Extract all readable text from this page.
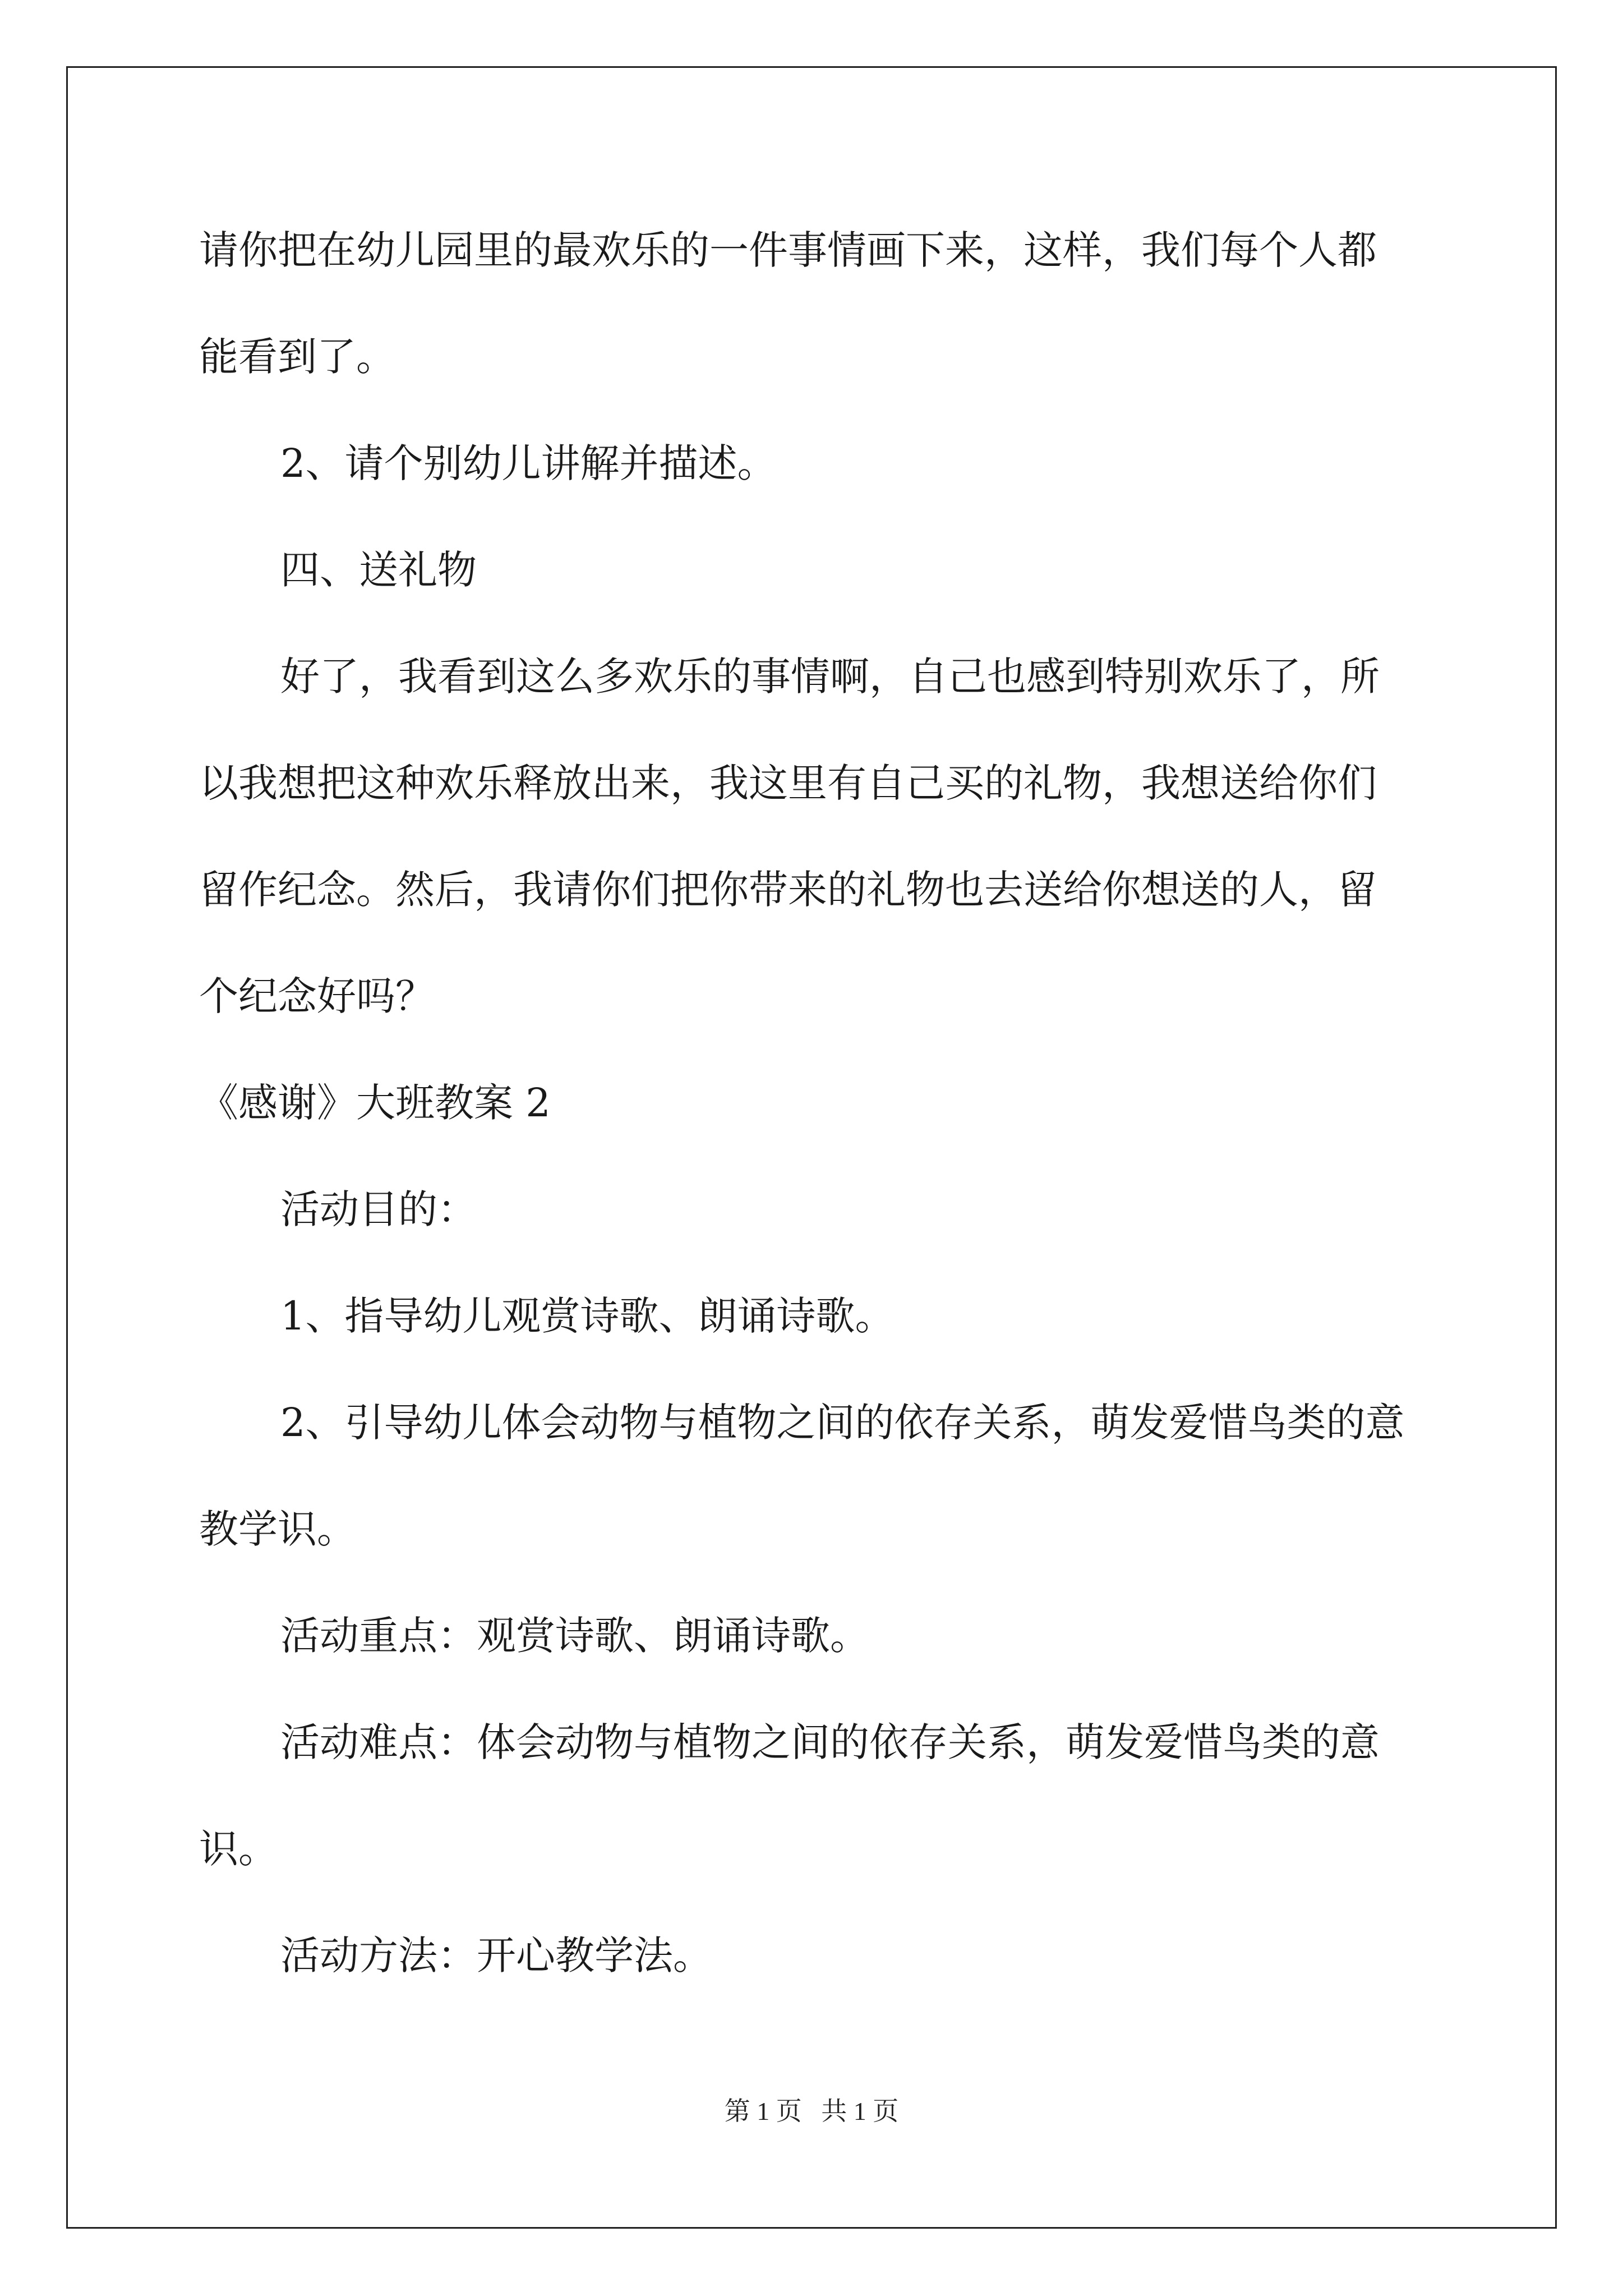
请你把在幼儿园里的最欢乐的一件事情画下来，这样，我们每个人都
能看到了。
2、请个别幼儿讲解并描述。
四、送礼物
好了，我看到这么多欢乐的事情啊，自己也感到特别欢乐了，所
以我想把这种欢乐释放出来，我这里有自己买的礼物，我想送给你们
留作纪念。然后，我请你们把你带来的礼物也去送给你想送的人，留
个纪念好吗？
《感谢》大班教案 2
活动目的：
1、指导幼儿观赏诗歌、朗诵诗歌。
2、引导幼儿体会动物与植物之间的依存关系，萌发爱惜鸟类的意
教学识。
活动重点：观赏诗歌、朗诵诗歌。
活动难点：体会动物与植物之间的依存关系，萌发爱惜鸟类的意
识。
活动方法：开心教学法。
第 1 页   共 1 页
